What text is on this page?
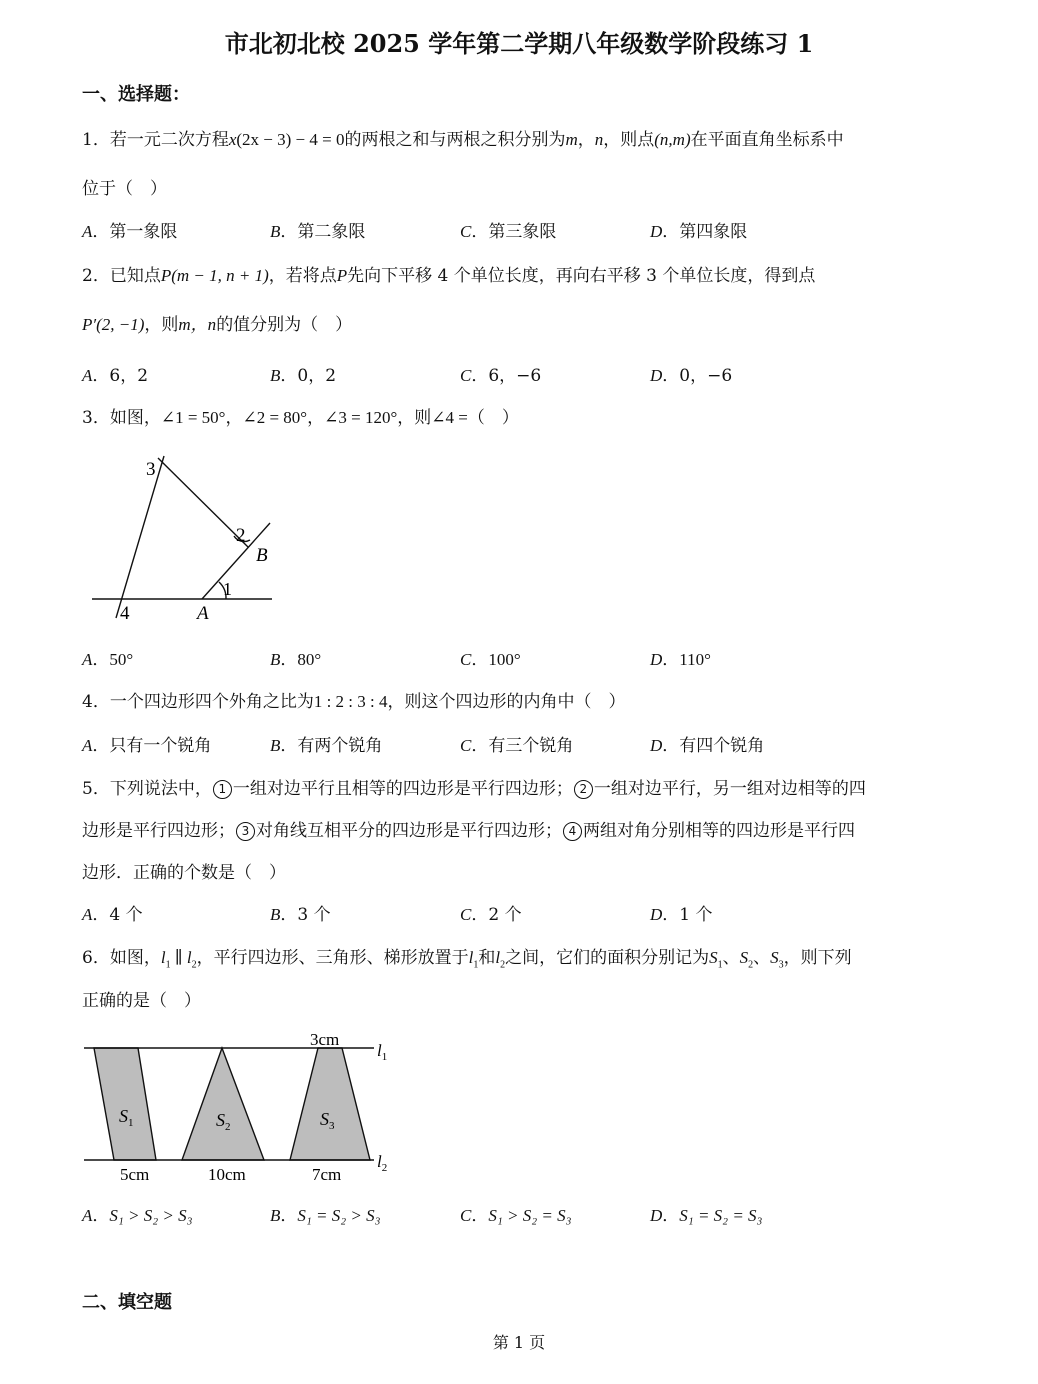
市北初北校 2025 学年第二学期八年级数学阶段练习 1
一、选择题：
1．若一元二次方程x(2x − 3) − 4 = 0的两根之和与两根之积分别为m，n，则点(n,m)在平面直角坐标系中
位于（　）
A．第一象限	B．第二象限	C．第三象限	D．第四象限
2．已知点P(m − 1, n + 1)，若将点P先向下平移 4 个单位长度，再向右平移 3 个单位长度，得到点
P′(2, −1)，则m，n的值分别为（　）
A．6，2	B．0，2	C．6，−6	D．0，−6
3．如图，∠1 = 50°，∠2 = 80°，∠3 = 120°，则∠4 =（　）
3
2
B
1
4	A
A．50°	B．80°	C．100°	D．110°
4．一个四边形四个外角之比为1 : 2 : 3 : 4，则这个四边形的内角中（　）
A．只有一个锐角	B．有两个锐角	C．有三个锐角	D．有四个锐角
5．下列说法中， 1 一组对边平行且相等的四边形是平行四边形； 2 一组对边平行，另一组对边相等的四
边形是平行四边形； 3 对角线互相平分的四边形是平行四边形； 4 两组对角分别相等的四边形是平行四
边形．正确的个数是（　）
A．4 个	B．3 个	C．2 个	D．1 个
6．如图，$l_1$ ∥ $l_2$，平行四边形、三角形、梯形放置于$l_1$和$l_2$之间，它们的面积分别记为$S_1$、$S_2$、$S_3$，则下列
正确的是（　）
3cm
$l_1$
$l_2$
$S_1$	$S_2$	$S_3$
5cm	10cm	7cm
A．S₁ > S₂ > S₃	B．S₁ = S₂ > S₃	C．S₁ > S₂ = S₃	D．S₁ = S₂ = S₃
二、填空题
第 1 页
